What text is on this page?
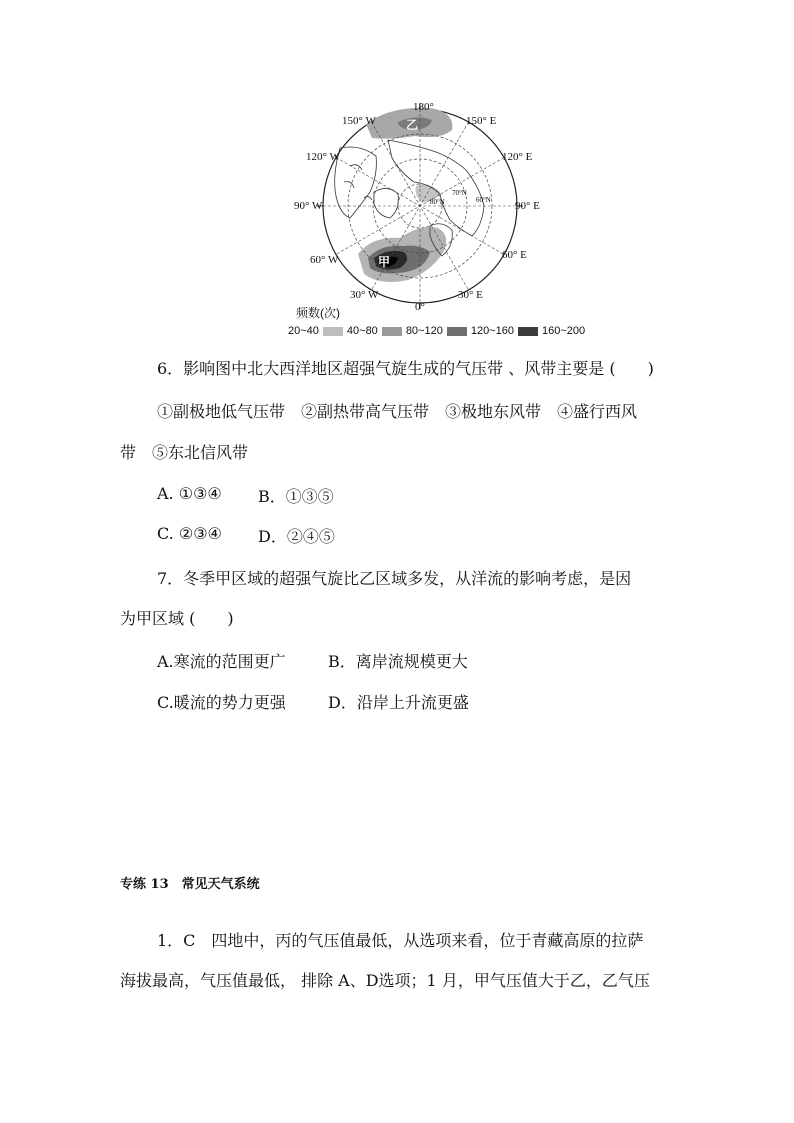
乙
甲
70°N
80°N	60°N
180°
150° W	150° E
120° W	120° E
90° W	90° E
60° W	60° E
30° W
0°
30° E
频数(次)
20~40	40~80	80~120	120~160	160~200
6．影响图中北大西洋地区超强气旋生成的气压带 、风带主要是 (　　)
①副极地低气压带　②副热带高气压带　③极地东风带　④盛行西风
带　⑤东北信风带
A. ①③④ B．①③⑤
C. ②③④ D．②④⑤
7．冬季甲区域的超强气旋比乙区域多发，从洋流的影响考虑，是因
为甲区域 (　　)
A.寒流的范围更广	B．离岸流规模更大
C.暖流的势力更强	D．沿岸上升流更盛
专练 13　常见天气系统
1．C　四地中，丙的气压值最低，从选项来看，位于青藏高原的拉萨
海拔最高，气压值最低， 排除 A、D选项；1 月，甲气压值大于乙，乙气压
